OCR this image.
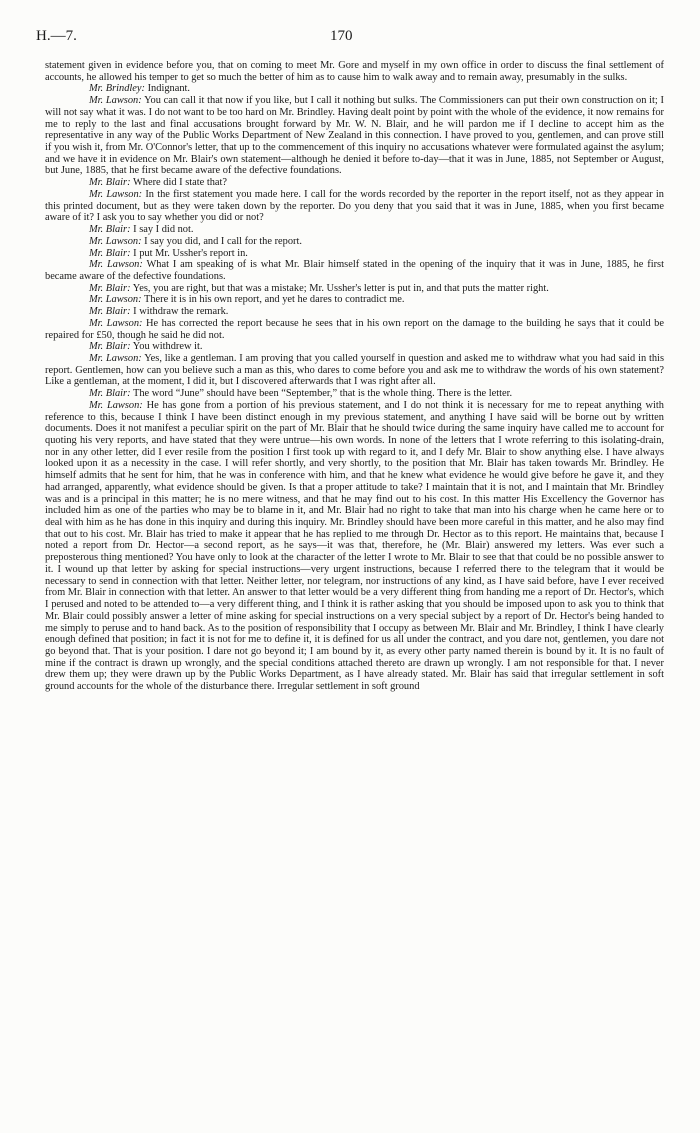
H.—7.	170

statement given in evidence before you, that on coming to meet Mr. Gore and myself in my own office in order to discuss the final settlement of accounts, he allowed his temper to get so much the better of him as to cause him to walk away and to remain away, presumably in the sulks.

Mr. Brindley: Indignant.

Mr. Lawson: You can call it that now if you like, but I call it nothing but sulks. The Commissioners can put their own construction on it; I will not say what it was. I do not want to be too hard on Mr. Brindley. Having dealt point by point with the whole of the evidence, it now remains for me to reply to the last and final accusations brought forward by Mr. W. N. Blair, and he will pardon me if I decline to accept him as the representative in any way of the Public Works Department of New Zealand in this connection. I have proved to you, gentlemen, and can prove still if you wish it, from Mr. O'Connor's letter, that up to the commencement of this inquiry no accusations whatever were formulated against the asylum; and we have it in evidence on Mr. Blair's own statement—although he denied it before to-day—that it was in June, 1885, not September or August, but June, 1885, that he first became aware of the defective foundations.

Mr. Blair: Where did I state that?

Mr. Lawson: In the first statement you made here. I call for the words recorded by the reporter in the report itself, not as they appear in this printed document, but as they were taken down by the reporter. Do you deny that you said that it was in June, 1885, when you first became aware of it? I ask you to say whether you did or not?

Mr. Blair: I say I did not.

Mr. Lawson: I say you did, and I call for the report.

Mr. Blair: I put Mr. Ussher's report in.

Mr. Lawson: What I am speaking of is what Mr. Blair himself stated in the opening of the inquiry that it was in June, 1885, he first became aware of the defective foundations.

Mr. Blair: Yes, you are right, but that was a mistake; Mr. Ussher's letter is put in, and that puts the matter right.

Mr. Lawson: There it is in his own report, and yet he dares to contradict me.

Mr. Blair: I withdraw the remark.

Mr. Lawson: He has corrected the report because he sees that in his own report on the damage to the building he says that it could be repaired for £50, though he said he did not.

Mr. Blair: You withdrew it.

Mr. Lawson: Yes, like a gentleman. I am proving that you called yourself in question and asked me to withdraw what you had said in this report. Gentlemen, how can you believe such a man as this, who dares to come before you and ask me to withdraw the words of his own statement? Like a gentleman, at the moment, I did it, but I discovered afterwards that I was right after all.

Mr. Blair: The word “June” should have been “September,” that is the whole thing. There is the letter.

Mr. Lawson: He has gone from a portion of his previous statement, and I do not think it is necessary for me to repeat anything with reference to this, because I think I have been distinct enough in my previous statement, and anything I have said will be borne out by written documents. Does it not manifest a peculiar spirit on the part of Mr. Blair that he should twice during the same inquiry have called me to account for quoting his very reports, and have stated that they were untrue—his own words. In none of the letters that I wrote referring to this isolating-drain, nor in any other letter, did I ever resile from the position I first took up with regard to it, and I defy Mr. Blair to show anything else. I have always looked upon it as a necessity in the case. I will refer shortly, and very shortly, to the position that Mr. Blair has taken towards Mr. Brindley. He himself admits that he sent for him, that he was in conference with him, and that he knew what evidence he would give before he gave it, and they had arranged, apparently, what evidence should be given. Is that a proper attitude to take? I maintain that it is not, and I maintain that Mr. Brindley was and is a principal in this matter; he is no mere witness, and that he may find out to his cost. In this matter His Excellency the Governor has included him as one of the parties who may be to blame in it, and Mr. Blair had no right to take that man into his charge when he came here or to deal with him as he has done in this inquiry and during this inquiry. Mr. Brindley should have been more careful in this matter, and he also may find that out to his cost. Mr. Blair has tried to make it appear that he has replied to me through Dr. Hector as to this report. He maintains that, because I noted a report from Dr. Hector—a second report, as he says—it was that, therefore, he (Mr. Blair) answered my letters. Was ever such a preposterous thing mentioned? You have only to look at the character of the letter I wrote to Mr. Blair to see that that could be no possible answer to it. I wound up that letter by asking for special instructions—very urgent instructions, because I referred there to the telegram that it would be necessary to send in connection with that letter. Neither letter, nor telegram, nor instructions of any kind, as I have said before, have I ever received from Mr. Blair in connection with that letter. An answer to that letter would be a very different thing from handing me a report of Dr. Hector's, which I perused and noted to be attended to—a very different thing, and I think it is rather asking that you should be imposed upon to ask you to think that Mr. Blair could possibly answer a letter of mine asking for special instructions on a very special subject by a report of Dr. Hector's being handed to me simply to peruse and to hand back. As to the position of responsibility that I occupy as between Mr. Blair and Mr. Brindley, I think I have clearly enough defined that position; in fact it is not for me to define it, it is defined for us all under the contract, and you dare not, gentlemen, you dare not go beyond that. That is your position. I dare not go beyond it; I am bound by it, as every other party named therein is bound by it. It is no fault of mine if the contract is drawn up wrongly, and the special conditions attached thereto are drawn up wrongly. I am not responsible for that. I never drew them up; they were drawn up by the Public Works Department, as I have already stated. Mr. Blair has said that irregular settlement in soft ground accounts for the whole of the disturbance there. Irregular settlement in soft ground
